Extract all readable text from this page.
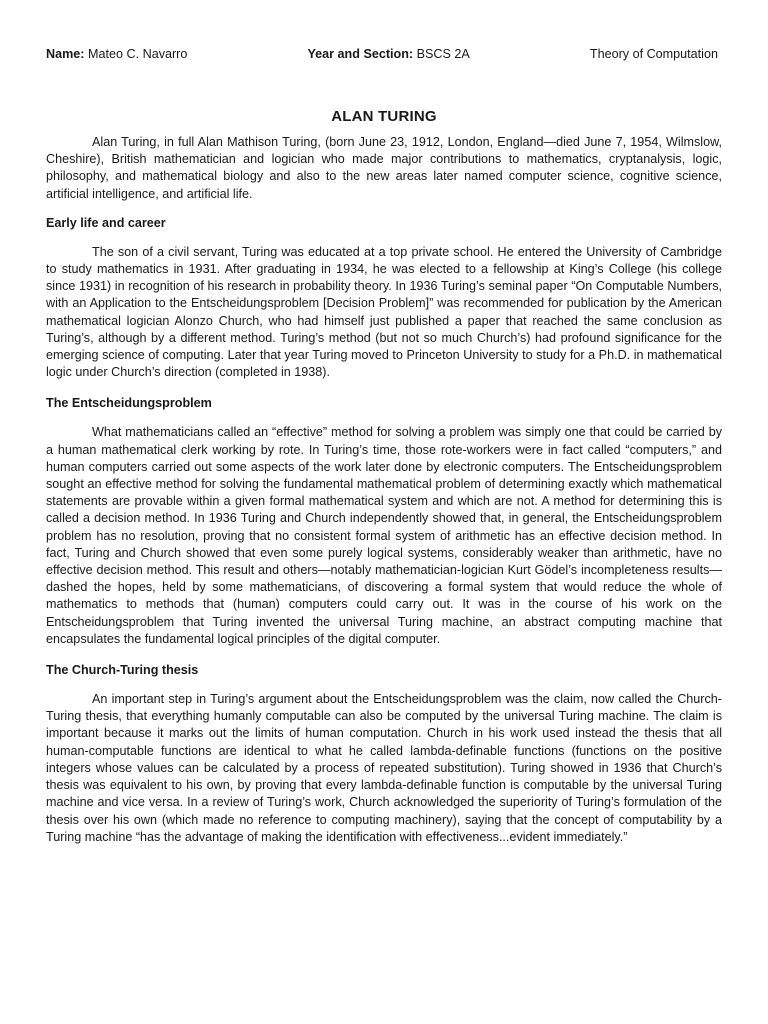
Name: Mateo C. Navarro	Year and Section: BSCS 2A	Theory of Computation
ALAN TURING

Alan Turing, in full Alan Mathison Turing, (born June 23, 1912, London, England—died June 7, 1954, Wilmslow, Cheshire), British mathematician and logician who made major contributions to mathematics, cryptanalysis, logic, philosophy, and mathematical biology and also to the new areas later named computer science, cognitive science, artificial intelligence, and artificial life.

Early life and career

The son of a civil servant, Turing was educated at a top private school. He entered the University of Cambridge to study mathematics in 1931. After graduating in 1934, he was elected to a fellowship at King’s College (his college since 1931) in recognition of his research in probability theory. In 1936 Turing’s seminal paper “On Computable Numbers, with an Application to the Entscheidungsproblem [Decision Problem]” was recommended for publication by the American mathematical logician Alonzo Church, who had himself just published a paper that reached the same conclusion as Turing’s, although by a different method. Turing’s method (but not so much Church’s) had profound significance for the emerging science of computing. Later that year Turing moved to Princeton University to study for a Ph.D. in mathematical logic under Church’s direction (completed in 1938).

The Entscheidungsproblem

What mathematicians called an “effective” method for solving a problem was simply one that could be carried by a human mathematical clerk working by rote. In Turing’s time, those rote-workers were in fact called “computers,” and human computers carried out some aspects of the work later done by electronic computers. The Entscheidungsproblem sought an effective method for solving the fundamental mathematical problem of determining exactly which mathematical statements are provable within a given formal mathematical system and which are not. A method for determining this is called a decision method. In 1936 Turing and Church independently showed that, in general, the Entscheidungsproblem problem has no resolution, proving that no consistent formal system of arithmetic has an effective decision method. In fact, Turing and Church showed that even some purely logical systems, considerably weaker than arithmetic, have no effective decision method. This result and others—notably mathematician-logician Kurt Gödel’s incompleteness results—dashed the hopes, held by some mathematicians, of discovering a formal system that would reduce the whole of mathematics to methods that (human) computers could carry out. It was in the course of his work on the Entscheidungsproblem that Turing invented the universal Turing machine, an abstract computing machine that encapsulates the fundamental logical principles of the digital computer.

The Church-Turing thesis

An important step in Turing’s argument about the Entscheidungsproblem was the claim, now called the Church-Turing thesis, that everything humanly computable can also be computed by the universal Turing machine. The claim is important because it marks out the limits of human computation. Church in his work used instead the thesis that all human-computable functions are identical to what he called lambda-definable functions (functions on the positive integers whose values can be calculated by a process of repeated substitution). Turing showed in 1936 that Church’s thesis was equivalent to his own, by proving that every lambda-definable function is computable by the universal Turing machine and vice versa. In a review of Turing’s work, Church acknowledged the superiority of Turing’s formulation of the thesis over his own (which made no reference to computing machinery), saying that the concept of computability by a Turing machine “has the advantage of making the identification with effectiveness...evident immediately.”
